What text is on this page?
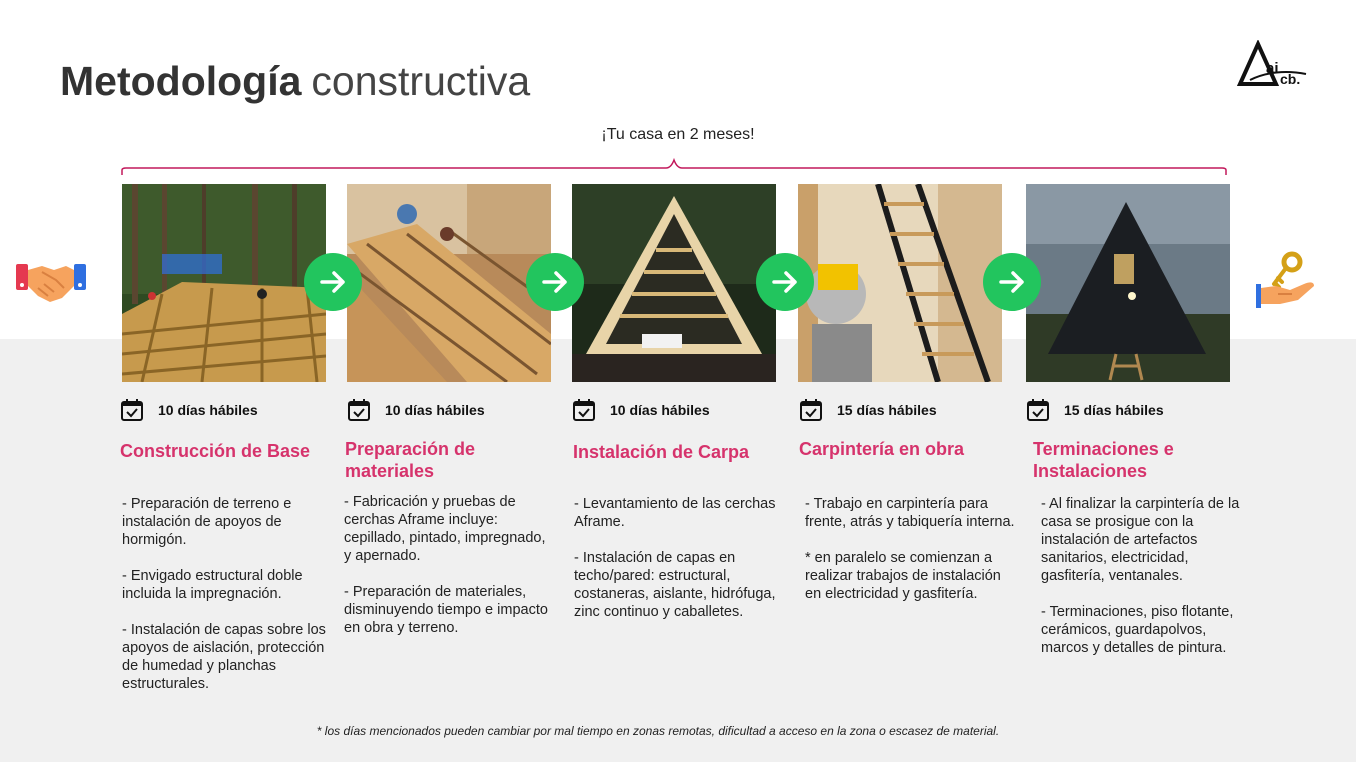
Metodología constructiva	ai
cb.
¡Tu casa en 2 meses!
10 días hábiles
Construcción de Base

- Preparación de terreno e instalación de apoyos de hormigón.

- Envigado estructural doble incluida la impregnación.

- Instalación de capas sobre los apoyos de aislación, protección de humedad y planchas estructurales.

10 días hábiles
Preparación de materiales

- Fabricación y pruebas de cerchas Aframe incluye: cepillado, pintado, impregnado, y apernado.

- Preparación de materiales, disminuyendo tiempo e impacto en obra y terreno.

10 días hábiles
Instalación de Carpa

- Levantamiento de las cerchas Aframe.

- Instalación de capas en techo/pared: estructural, costaneras, aislante, hidrófuga, zinc continuo y caballetes.

15 días hábiles
Carpintería en obra

- Trabajo en carpintería para frente, atrás y tabiquería interna.

* en paralelo se comienzan a realizar trabajos de instalación en electricidad y gasfitería.

15 días hábiles
Terminaciones e Instalaciones

- Al finalizar la carpintería de la casa se prosigue con la instalación de artefactos sanitarios, electricidad, gasfitería, ventanales.

- Terminaciones, piso flotante, cerámicos, guardapolvos, marcos y detalles de pintura.

* los días mencionados pueden cambiar por mal tiempo en zonas remotas, dificultad a acceso en la zona o escasez de material.
